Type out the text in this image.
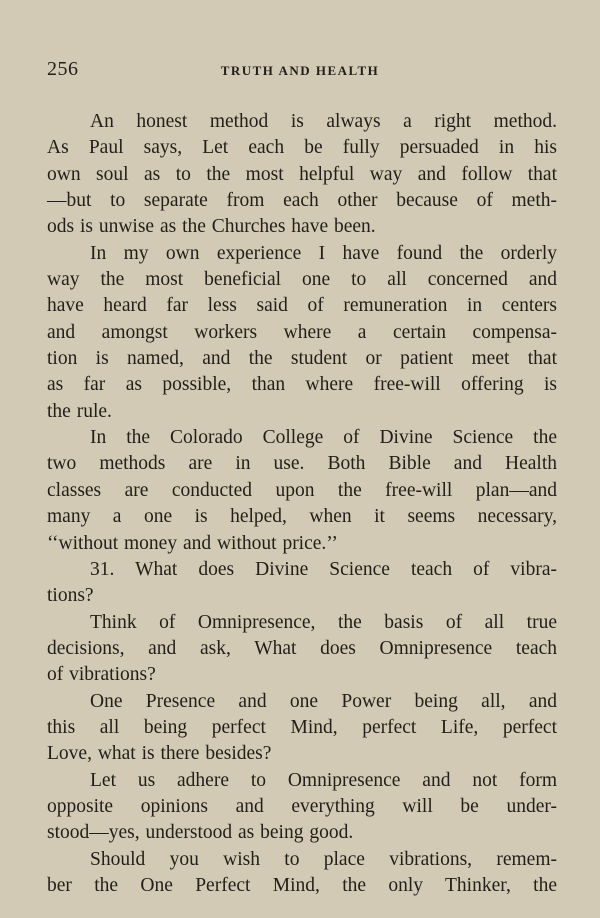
256	TRUTH AND HEALTH
An honest method is always a right method.
As Paul says, Let each be fully persuaded in his
own soul as to the most helpful way and follow that
—but to separate from each other because of meth-
ods is unwise as the Churches have been.
In my own experience I have found the orderly
way the most beneficial one to all concerned and
have heard far less said of remuneration in centers
and amongst workers where a certain compensa-
tion is named, and the student or patient meet that
as far as possible, than where free-will offering is
the rule.
In the Colorado College of Divine Science the
two methods are in use. Both Bible and Health
classes are conducted upon the free-will plan—and
many a one is helped, when it seems necessary,
‘‘without money and without price.’’
31. What does Divine Science teach of vibra-
tions?
Think of Omnipresence, the basis of all true
decisions, and ask, What does Omnipresence teach
of vibrations?
One Presence and one Power being all, and
this all being perfect Mind, perfect Life, perfect
Love, what is there besides?
Let us adhere to Omnipresence and not form
opposite opinions and everything will be under-
stood—yes, understood as being good.
Should you wish to place vibrations, remem-
ber the One Perfect Mind, the only Thinker, the
